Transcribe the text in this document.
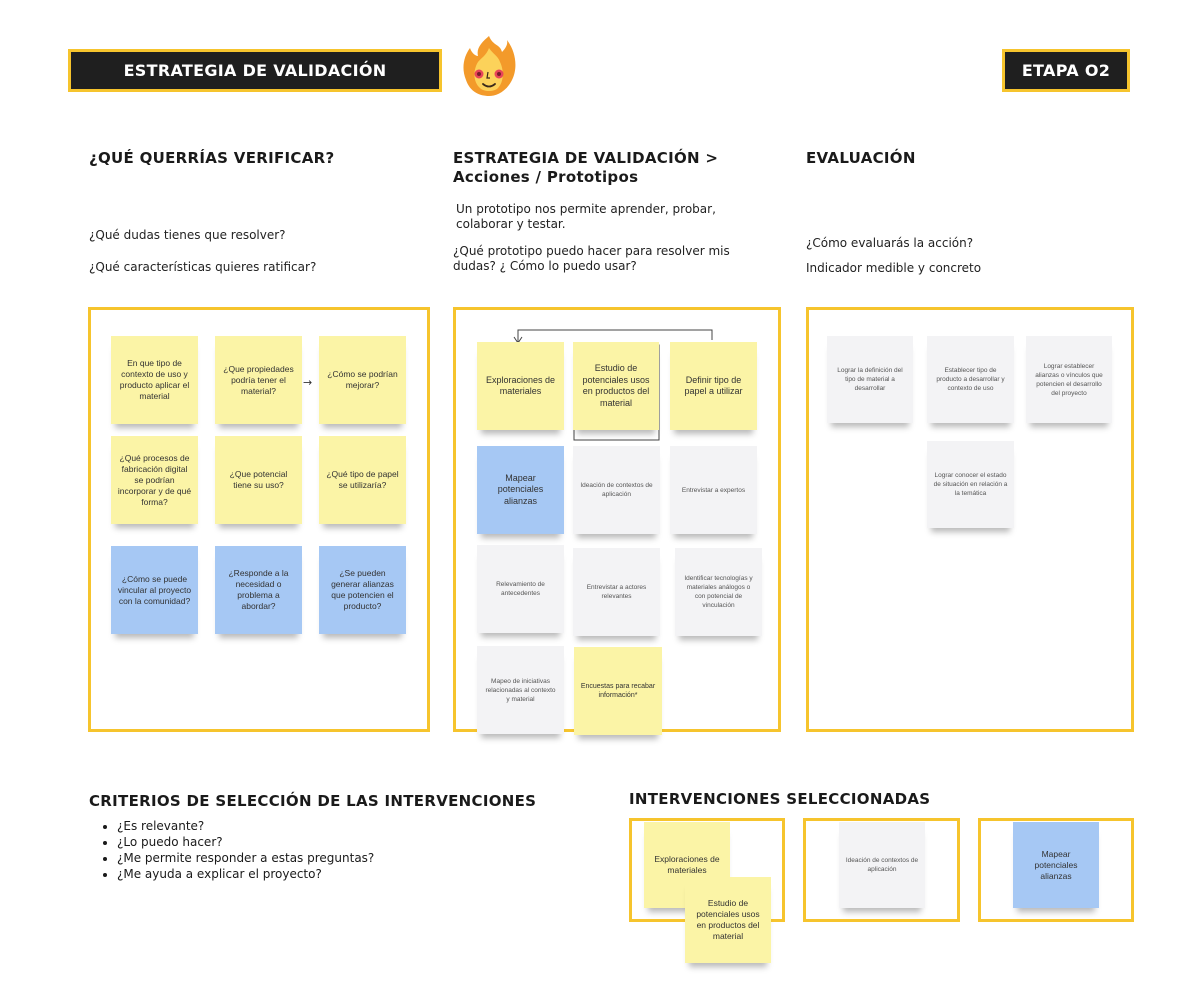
ESTRATEGIA DE VALIDACIÓN	ETAPA O2
¿QUÉ QUERRÍAS VERIFICAR?
¿Qué dudas tienes que resolver?
¿Qué características quieres ratificar?
En que tipo de contexto de uso y producto aplicar el material
¿Que propiedades podría tener el material?
→
¿Cómo se podrían mejorar?
¿Qué procesos de fabricación digital se podrían incorporar y de qué forma?
¿Que potencial tiene su uso?
¿Qué tipo de papel se utilizaría?
¿Cómo se puede vincular al proyecto con la comunidad?
¿Responde a la necesidad o problema a abordar?
¿Se pueden generar alianzas que potencien el producto?
ESTRATEGIA DE VALIDACIÓN >
Acciones / Prototipos
Un prototipo nos permite aprender, probar, colaborar y testar.
¿Qué prototipo puedo hacer para resolver mis dudas? ¿ Cómo lo puedo usar?
Exploraciones de materiales
Estudio de potenciales usos en productos del material
Definir tipo de papel a utilizar
Mapear potenciales alianzas
Ideación de contextos de aplicación
Entrevistar a expertos
Relevamiento de antecedentes
Entrevistar a actores relevantes
Identificar tecnologías y materiales análogos o con potencial de vinculación
Mapeo de iniciativas relacionadas al contexto y material
Encuestas para recabar información*
EVALUACIÓN
¿Cómo evaluarás la acción?
Indicador medible y concreto
Lograr la definición del tipo de material a desarrollar
Establecer tipo de producto a desarrollar y contexto de uso
Lograr establecer alianzas o vínculos que potencien el desarrollo del proyecto
Lograr conocer el estado de situación en relación a la temática
CRITERIOS DE SELECCIÓN DE LAS INTERVENCIONES
• ¿Es relevante?
• ¿Lo puedo hacer?
• ¿Me permite responder a estas preguntas?
• ¿Me ayuda a explicar el proyecto?
INTERVENCIONES SELECCIONADAS
Exploraciones de materiales
Estudio de potenciales usos en productos del material
Ideación de contextos de aplicación
Mapear potenciales alianzas
